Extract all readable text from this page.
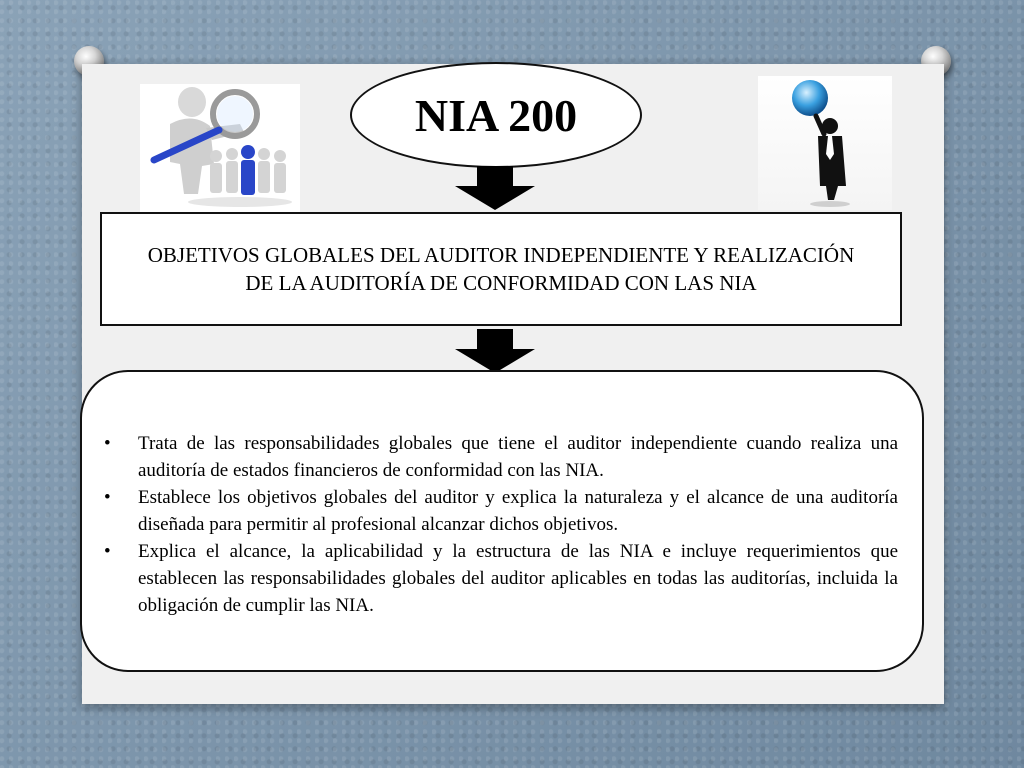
NIA 200
OBJETIVOS GLOBALES DEL AUDITOR INDEPENDIENTE Y REALIZACIÓN DE LA AUDITORÍA DE CONFORMIDAD CON LAS NIA
•	Trata de las responsabilidades globales que tiene el auditor independiente cuando realiza una auditoría de estados financieros de conformidad con las NIA.
•	Establece los objetivos globales del auditor y explica la naturaleza y el alcance de una auditoría diseñada para permitir al profesional alcanzar dichos objetivos.
•	Explica el alcance, la aplicabilidad y la estructura de las NIA e incluye requerimientos que establecen las responsabilidades globales del auditor aplicables en todas las auditorías, incluida la obligación de cumplir las NIA.
